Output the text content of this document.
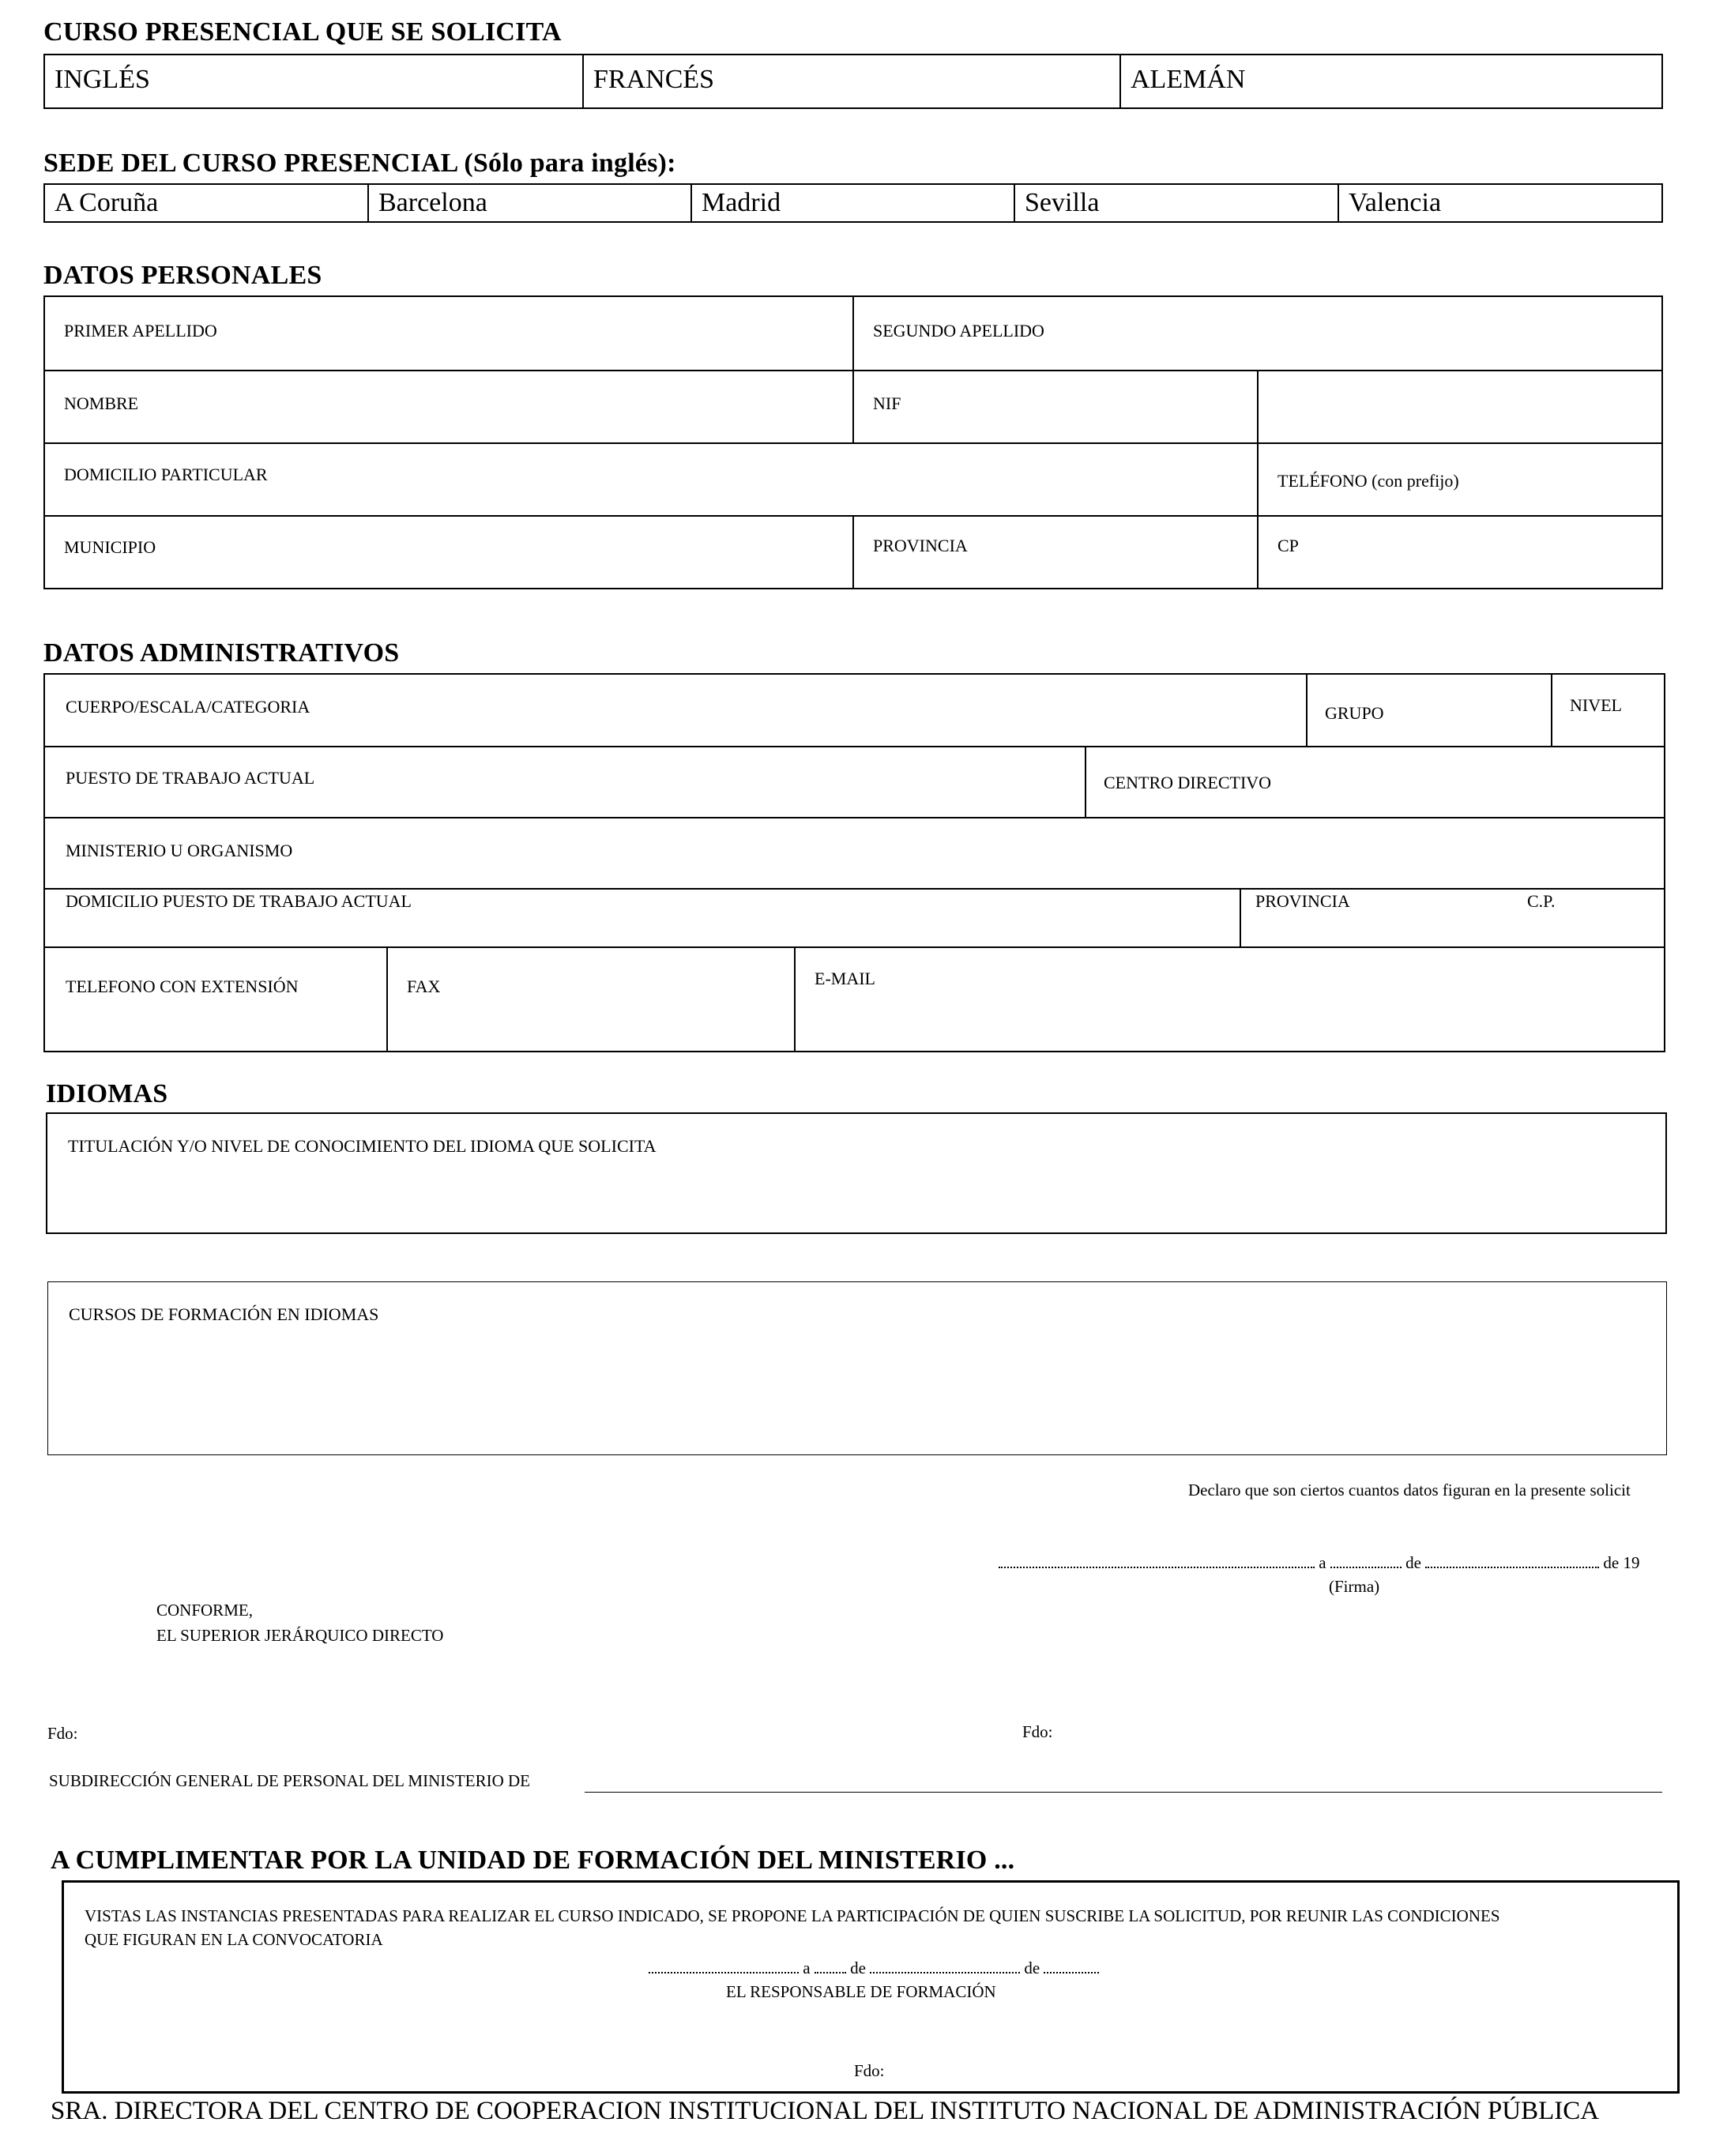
CURSO PRESENCIAL QUE SE SOLICITA
INGLÉS	FRANCÉS	ALEMÁN
SEDE DEL CURSO PRESENCIAL (Sólo para inglés):
A Coruña	Barcelona	Madrid	Sevilla	Valencia
DATOS PERSONALES
PRIMER APELLIDO	SEGUNDO APELLIDO
NOMBRE	NIF
DOMICILIO PARTICULAR	TELÉFONO (con prefijo)
MUNICIPIO	PROVINCIA	CP
DATOS ADMINISTRATIVOS
CUERPO/ESCALA/CATEGORIA	GRUPO	NIVEL
PUESTO DE TRABAJO ACTUAL	CENTRO DIRECTIVO
MINISTERIO U ORGANISMO
DOMICILIO PUESTO DE TRABAJO ACTUAL	PROVINCIA	C.P.
TELEFONO CON EXTENSIÓN	FAX	E-MAIL
IDIOMAS
TITULACIÓN Y/O NIVEL DE CONOCIMIENTO DEL IDIOMA QUE SOLICITA
CURSOS DE FORMACIÓN EN IDIOMAS
Declaro que son ciertos cuantos datos figuran en la presente solicit
a	de	de 19
(Firma)
CONFORME,
EL SUPERIOR JERÁRQUICO DIRECTO
Fdo:	Fdo:
SUBDIRECCIÓN GENERAL DE PERSONAL DEL MINISTERIO DE
A CUMPLIMENTAR POR LA UNIDAD DE FORMACIÓN DEL MINISTERIO ...
VISTAS LAS INSTANCIAS PRESENTADAS PARA REALIZAR EL CURSO INDICADO, SE PROPONE LA PARTICIPACIÓN DE QUIEN SUSCRIBE LA SOLICITUD, POR REUNIR LAS CONDICIONES
QUE FIGURAN EN LA CONVOCATORIA
a de	de
EL RESPONSABLE DE FORMACIÓN
Fdo:
SRA. DIRECTORA DEL CENTRO DE COOPERACION INSTITUCIONAL DEL INSTITUTO NACIONAL DE ADMINISTRACIÓN PÚBLICA
